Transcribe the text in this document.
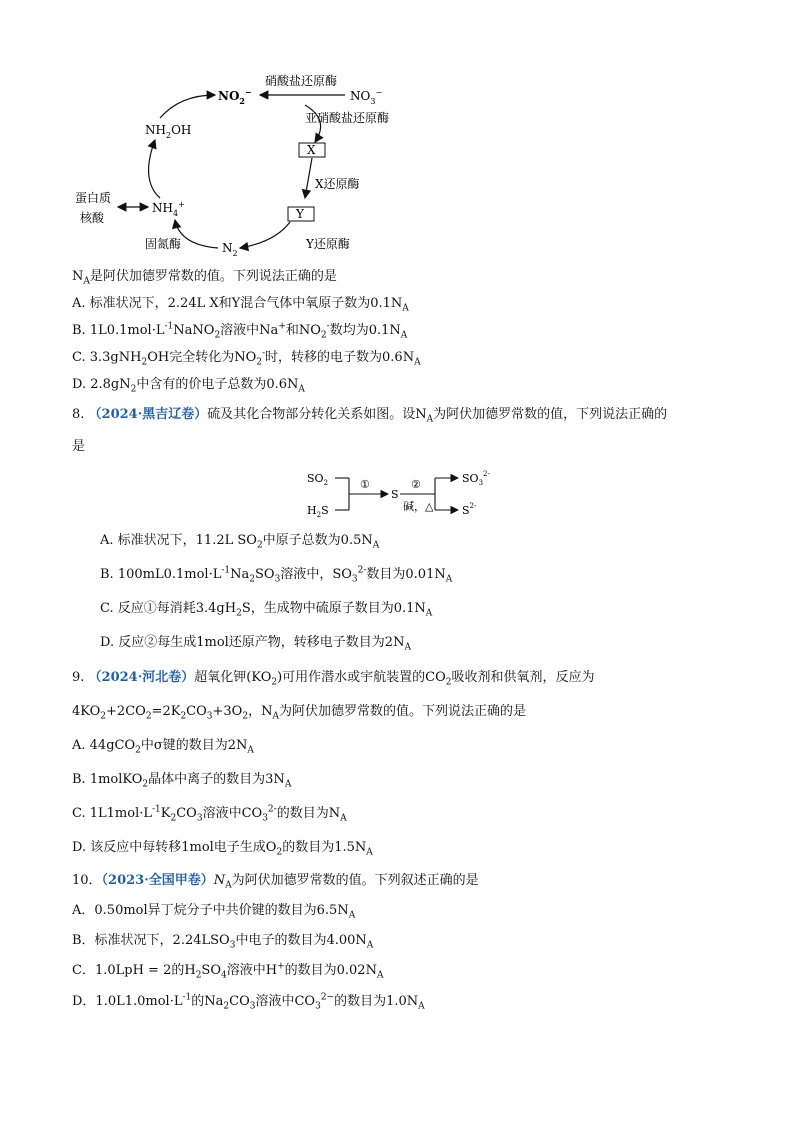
$NO_2^-$	$NO_3^-$
硝酸盐还原酶
亚硝酸盐还原酶
X
X还原酶
Y
Y还原酶
$N_2$
固氮酶
$NH_4^+$
蛋白质
核酸
$NH_2OH$
$N_A$是阿伏加德罗常数的值。下列说法正确的是
A. 标准状况下，2.24L X和Y混合气体中氧原子数为$0.1N_A$
B. $1L0.1mol\cdot L^{-1}NaNO_2$溶液中Na+和$NO_2^-$数均为$0.1N_A$
C. 3.3gNH$_2$OH完全转化为$NO_2^-$时，转移的电子数为$0.6N_A$
D. $2.8gN_2$中含有的价电子总数为$0.6N_A$
8. （2024·黑吉辽卷）硫及其化合物部分转化关系如图。设$N_A$为阿伏加德罗常数的值，下列说法正确的
是
$SO_2$
$H_2S$
①
S
②
碱，△
$SO_3^{2-}$
$S^{2-}$
A. 标准状况下，11.2L $SO_2$中原子总数为$0.5N_A$
B. $100mL0.1mol\cdot L^{-1}Na_2SO_3$溶液中，$SO_3^{2-}$数目为$0.01N_A$
C. 反应①每消耗$3.4gH_2S$，生成物中硫原子数目为$0.1N_A$
D. 反应②每生成1mol还原产物，转移电子数目为$2N_A$
9. （2024·河北卷）超氧化钾$(KO_2)$可用作潜水或宇航装置的$CO_2$吸收剂和供氧剂，反应为
$4KO_2+2CO_2=2K_2CO_3+3O_2$，$N_A$为阿伏加德罗常数的值。下列说法正确的是
A. 44gCO$_2$中σ键的数目为$2N_A$
B. 1molKO$_2$晶体中离子的数目为$3N_A$
C. $1L1mol\cdot L^{-1}K_2CO_3$溶液中$CO_3^{2-}$的数目为$N_A$
D. 该反应中每转移1mol电子生成$O_2$的数目为$1.5N_A$
10．（2023·全国甲卷）$N_A$为阿伏加德罗常数的值。下列叙述正确的是
A．0.50mol异丁烷分子中共价键的数目为$6.5N_A$
B．标准状况下，$2.24LSO_3$中电子的数目为$4.00N_A$
C．1.0LpH = 2的$H_2SO_4$溶液中H+的数目为$0.02N_A$
D．$1.0L1.0mol\cdot L^{-1}$的$Na_2CO_3$溶液中$CO_3^{2-}$的数目为$1.0N_A$
